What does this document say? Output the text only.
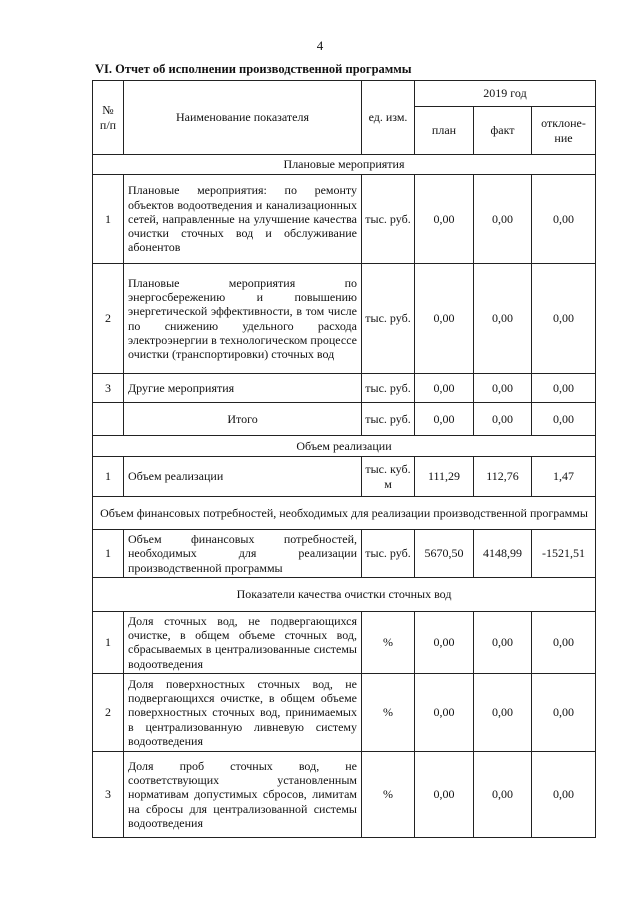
4
VI. Отчет об исполнении производственной программы
№ п/п	Наименование показателя	ед. изм.	2019 год		
			план	факт	отклоне-ние
Плановые мероприятия					
1	Плановые мероприятия: по ремонту объектов водоотведения и канализационных сетей, направленные на улучшение качества очистки сточных вод и обслуживание абонентов	тыс. руб.	0,00	0,00	0,00
2	Плановые мероприятия по энергосбережению и повышению энергетической эффективности, в том числе по снижению удельного расхода электроэнергии в технологическом процессе очистки (транспортировки) сточных вод	тыс. руб.	0,00	0,00	0,00
3	Другие мероприятия	тыс. руб.	0,00	0,00	0,00
	Итого	тыс. руб.	0,00	0,00	0,00
Объем реализации					
1	Объем реализации	тыс. куб. м	111,29	112,76	1,47
Объем финансовых потребностей, необходимых для реализации производственной программы					
1	Объем финансовых потребностей, необходимых для реализации производственной программы	тыс. руб.	5670,50	4148,99	-1521,51
Показатели качества очистки сточных вод					
1	Доля сточных вод, не подвергающихся очистке, в общем объеме сточных вод, сбрасываемых в централизованные системы водоотведения	%	0,00	0,00	0,00
2	Доля поверхностных сточных вод, не подвергающихся очистке, в общем объеме поверхностных сточных вод, принимаемых в централизованную ливневую систему водоотведения	%	0,00	0,00	0,00
3	Доля проб сточных вод, не соответствующих установленным нормативам допустимых сбросов, лимитам на сбросы для централизованной системы водоотведения	%	0,00	0,00	0,00
